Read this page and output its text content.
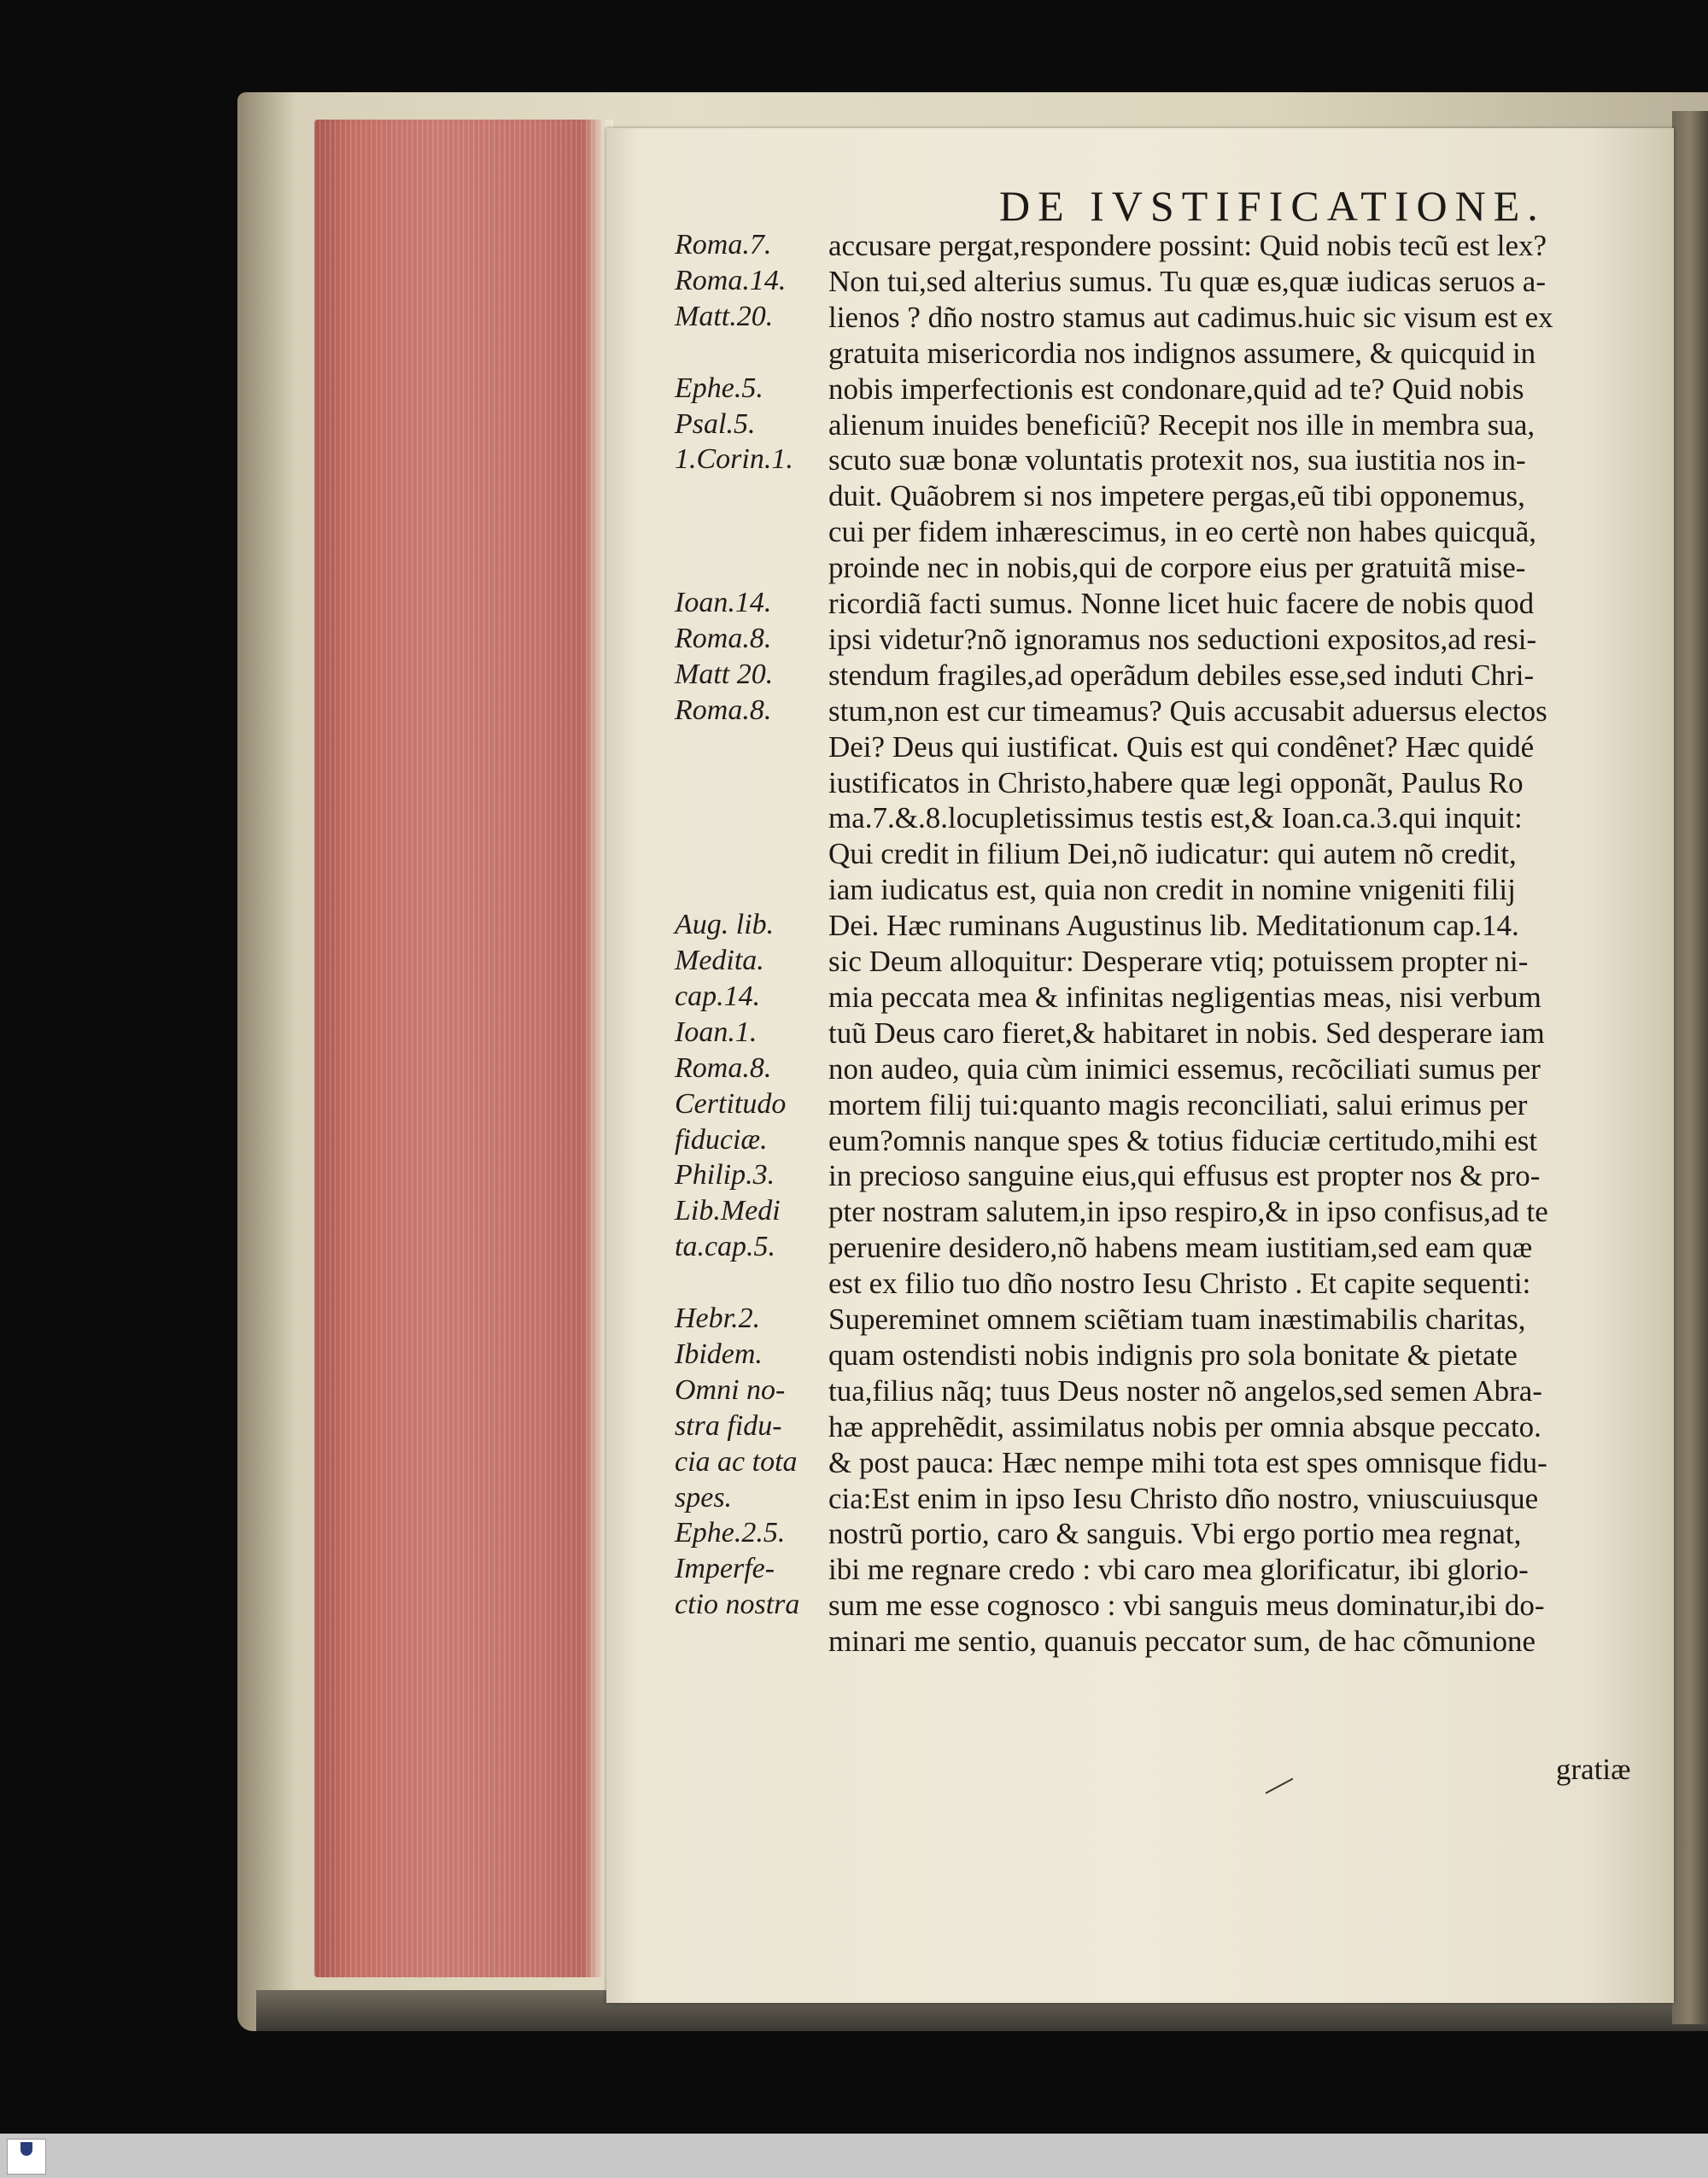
DE IVSTIFICATIONE.
Roma.7.
Roma.14.
Matt.20.
Ephe.5.
Psal.5.
1.Corin.1.
Ioan.14.
Roma.8.
Matt 20.
Roma.8.
Aug. lib.
Medita.
cap.14.
Ioan.1.
Roma.8.
Certitudo
fiduciæ.
Philip.3.
Lib.Medi
ta.cap.5.
Hebr.2.
Ibidem.
Omni no-
stra fidu-
cia ac tota
spes.
Ephe.2.5.
Imperfe-
ctio nostra
accusare pergat,respondere possint: Quid nobis tecũ est lex?
Non tui,sed alterius sumus. Tu quæ es,quæ iudicas seruos a-
lienos ? dño nostro stamus aut cadimus.huic sic visum est ex
gratuita misericordia nos indignos assumere, & quicquid in
nobis imperfectionis est condonare,quid ad te? Quid nobis
alienum inuides beneficiũ? Recepit nos ille in membra sua,
scuto suæ bonæ voluntatis protexit nos, sua iustitia nos in-
duit. Quãobrem si nos impetere pergas,eũ tibi opponemus,
cui per fidem inhærescimus, in eo certè non habes quicquã,
proinde nec in nobis,qui de corpore eius per gratuitã mise-
ricordiã facti sumus. Nonne licet huic facere de nobis quod
ipsi videtur?nõ ignoramus nos seductioni expositos,ad resi-
stendum fragiles,ad operãdum debiles esse,sed induti Chri-
stum,non est cur timeamus? Quis accusabit aduersus electos
Dei? Deus qui iustificat. Quis est qui condênet? Hæc quidé
iustificatos in Christo,habere quæ legi opponãt, Paulus Ro
ma.7.&.8.locupletissimus testis est,& Ioan.ca.3.qui inquit:
Qui credit in filium Dei,nõ iudicatur: qui autem nõ credit,
iam iudicatus est, quia non credit in nomine vnigeniti filij
Dei. Hæc ruminans Augustinus lib. Meditationum cap.14.
sic Deum alloquitur: Desperare vtiq; potuissem propter ni-
mia peccata mea & infinitas negligentias meas, nisi verbum
tuũ Deus caro fieret,& habitaret in nobis. Sed desperare iam
non audeo, quia cùm inimici essemus, recõciliati sumus per
mortem filij tui:quanto magis reconciliati, salui erimus per
eum?omnis nanque spes & totius fiduciæ certitudo,mihi est
in precioso sanguine eius,qui effusus est propter nos & pro-
pter nostram salutem,in ipso respiro,& in ipso confisus,ad te
peruenire desidero,nõ habens meam iustitiam,sed eam quæ
est ex filio tuo dño nostro Iesu Christo . Et capite sequenti:
Supereminet omnem sciẽtiam tuam inæstimabilis charitas,
quam ostendisti nobis indignis pro sola bonitate & pietate
tua,filius nãq; tuus Deus noster nõ angelos,sed semen Abra-
hæ apprehẽdit, assimilatus nobis per omnia absque peccato.
& post pauca: Hæc nempe mihi tota est spes omnisque fidu-
cia:Est enim in ipso Iesu Christo dño nostro, vniuscuiusque
nostrũ portio, caro & sanguis. Vbi ergo portio mea regnat,
ibi me regnare credo : vbi caro mea glorificatur, ibi glorio-
sum me esse cognosco : vbi sanguis meus dominatur,ibi do-
minari me sentio, quanuis peccator sum, de hac cõmunione
gratiæ
